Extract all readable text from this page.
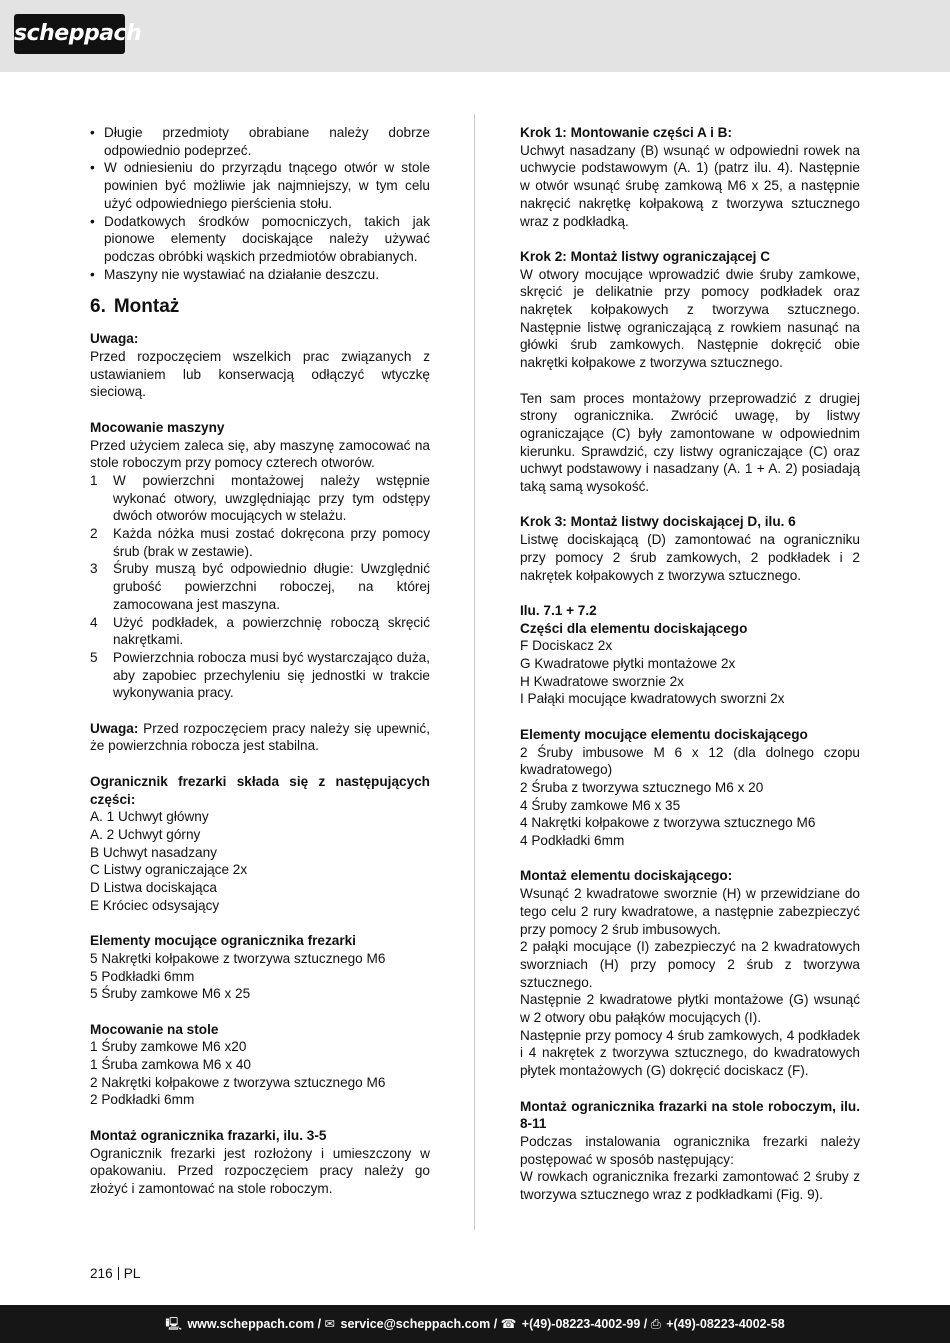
scheppach
• Długie przedmioty obrabiane należy dobrze odpowiednio podeprzeć.
• W odniesieniu do przyrządu tnącego otwór w stole powinien być możliwie jak najmniejszy, w tym celu użyć odpowiedniego pierścienia stołu.
• Dodatkowych środków pomocniczych, takich jak pionowe elementy dociskające należy używać podczas obróbki wąskich przedmiotów obrabianych.
• Maszyny nie wystawiać na działanie deszczu.
6. Montaż

Uwaga:

Przed rozpoczęciem wszelkich prac związanych z ustawianiem lub konserwacją odłączyć wtyczkę sieciową.

Mocowanie maszyny

Przed użyciem zaleca się, aby maszynę zamocować na stole roboczym przy pomocy czterech otworów.

1 W powierzchni montażowej należy wstępnie wykonać otwory, uwzględniając przy tym odstępy dwóch otworów mocujących w stelażu.
2 Każda nóżka musi zostać dokręcona przy pomocy śrub (brak w zestawie).
3 Śruby muszą być odpowiednio długie: Uwzględnić grubość powierzchni roboczej, na której zamocowana jest maszyna.
4 Użyć podkładek, a powierzchnię roboczą skręcić nakrętkami.
5 Powierzchnia robocza musi być wystarczająco duża, aby zapobiec przechyleniu się jednostki w trakcie wykonywania pracy.

Uwaga: Przed rozpoczęciem pracy należy się upewnić, że powierzchnia robocza jest stabilna.

Ogranicznik frezarki składa się z następujących części:

A. 1 Uchwyt główny

A. 2 Uchwyt górny

B Uchwyt nasadzany

C Listwy ograniczające 2x

D Listwa dociskająca

E Króciec odsysający

Elementy mocujące ogranicznika frezarki

5 Nakrętki kołpakowe z tworzywa sztucznego M6

5 Podkładki 6mm

5 Śruby zamkowe M6 x 25

Mocowanie na stole

1 Śruby zamkowe M6 x20

1 Śruba zamkowa M6 x 40

2 Nakrętki kołpakowe z tworzywa sztucznego M6

2 Podkładki 6mm

Montaż ogranicznika frazarki, ilu. 3-5

Ogranicznik frezarki jest rozłożony i umieszczony w opakowaniu. Przed rozpoczęciem pracy należy go złożyć i zamontować na stole roboczym.

Krok 1: Montowanie części A i B:

Uchwyt nasadzany (B) wsunąć w odpowiedni rowek na uchwycie podstawowym (A. 1) (patrz ilu. 4). Następnie w otwór wsunąć śrubę zamkową M6 x 25, a następnie nakręcić nakrętkę kołpakową z tworzywa sztucznego wraz z podkładką.

Krok 2: Montaż listwy ograniczającej C

W otwory mocujące wprowadzić dwie śruby zamkowe, skręcić je delikatnie przy pomocy podkładek oraz nakrętek kołpakowych z tworzywa sztucznego. Następnie listwę ograniczającą z rowkiem nasunąć na główki śrub zamkowych. Następnie dokręcić obie nakrętki kołpakowe z tworzywa sztucznego.

Ten sam proces montażowy przeprowadzić z drugiej strony ogranicznika. Zwrócić uwagę, by listwy ograniczające (C) były zamontowane w odpowiednim kierunku. Sprawdzić, czy listwy ograniczające (C) oraz uchwyt podstawowy i nasadzany (A. 1 + A. 2) posiadają taką samą wysokość.

Krok 3: Montaż listwy dociskającej D, ilu. 6

Listwę dociskającą (D) zamontować na ograniczniku przy pomocy 2 śrub zamkowych, 2 podkładek i 2 nakrętek kołpakowych z tworzywa sztucznego.

Ilu. 7.1 + 7.2

Części dla elementu dociskającego

F Dociskacz 2x

G Kwadratowe płytki montażowe 2x

H Kwadratowe sworznie 2x

I Pałąki mocujące kwadratowych sworzni 2x

Elementy mocujące elementu dociskającego

2 Śruby imbusowe M 6 x 12 (dla dolnego czopu kwadratowego)

2 Śruba z tworzywa sztucznego M6 x 20

4 Śruby zamkowe M6 x 35

4 Nakrętki kołpakowe z tworzywa sztucznego M6

4 Podkładki 6mm

Montaż elementu dociskającego:

Wsunąć 2 kwadratowe sworznie (H) w przewidziane do tego celu 2 rury kwadratowe, a następnie zabezpieczyć przy pomocy 2 śrub imbusowych.

2 pałąki mocujące (I) zabezpieczyć na 2 kwadratowych sworzniach (H) przy pomocy 2 śrub z tworzywa sztucznego.

Następnie 2 kwadratowe płytki montażowe (G) wsunąć w 2 otwory obu pałąków mocujących (I).

Następnie przy pomocy 4 śrub zamkowych, 4 podkładek i 4 nakrętek z tworzywa sztucznego, do kwadratowych płytek montażowych (G) dokręcić dociskacz (F).

Montaż ogranicznika frazarki na stole roboczym, ilu. 8-11

Podczas instalowania ogranicznika frezarki należy postępować w sposób następujący:

W rowkach ogranicznika frezarki zamontować 2 śruby z tworzywa sztucznego wraz z podkładkami (Fig. 9).

216 PL
🖳 www.scheppach.com / ✉ service@scheppach.com / ☎ +(49)-08223-4002-99 / ⎙ +(49)-08223-4002-58
